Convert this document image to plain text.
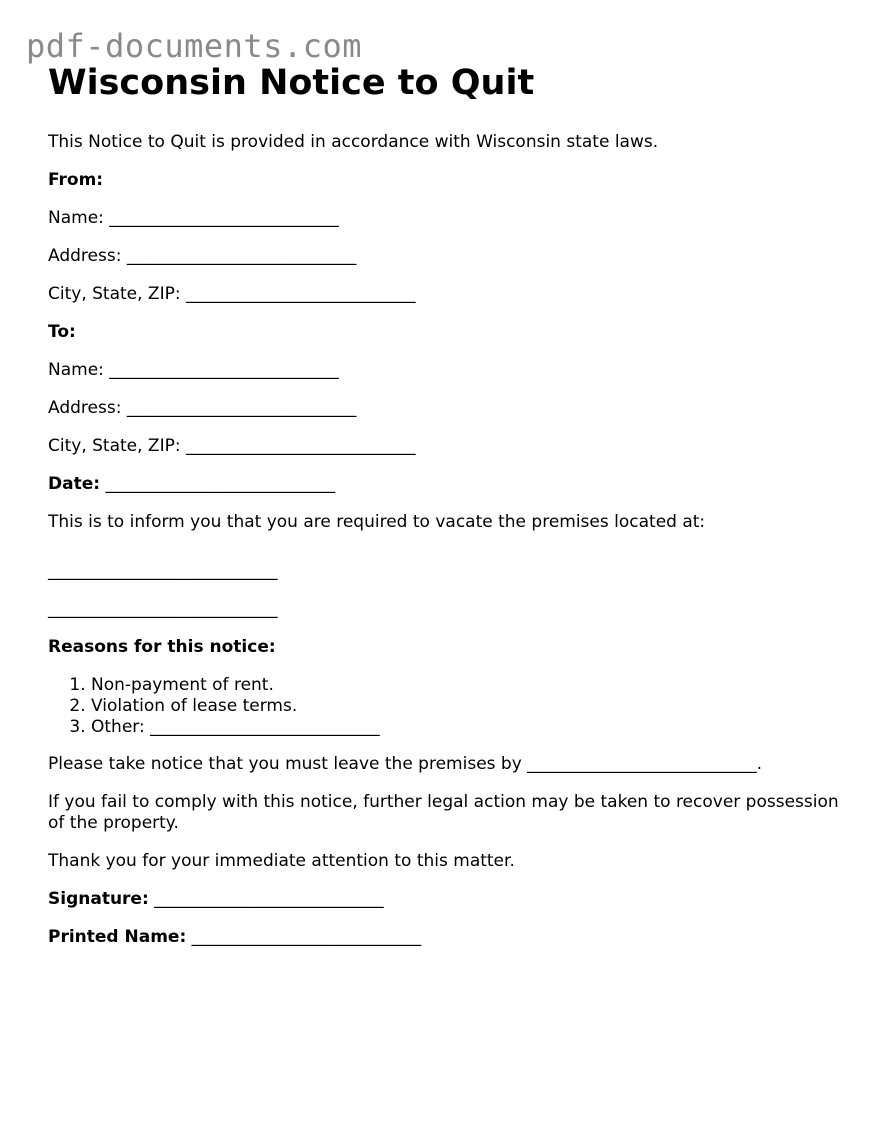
pdf-documents.com
Wisconsin Notice to Quit

This Notice to Quit is provided in accordance with Wisconsin state laws.

From:

Name: ___________________________

Address: ___________________________

City, State, ZIP: ___________________________

To:

Name: ___________________________

Address: ___________________________

City, State, ZIP: ___________________________

Date: ___________________________

This is to inform you that you are required to vacate the premises located at:

___________________________
___________________________

Reasons for this notice:

1. Non-payment of rent.
2. Violation of lease terms.
3. Other: ___________________________

Please take notice that you must leave the premises by ___________________________.

If you fail to comply with this notice, further legal action may be taken to recover possession of the property.

Thank you for your immediate attention to this matter.

Signature: ___________________________

Printed Name: ___________________________
